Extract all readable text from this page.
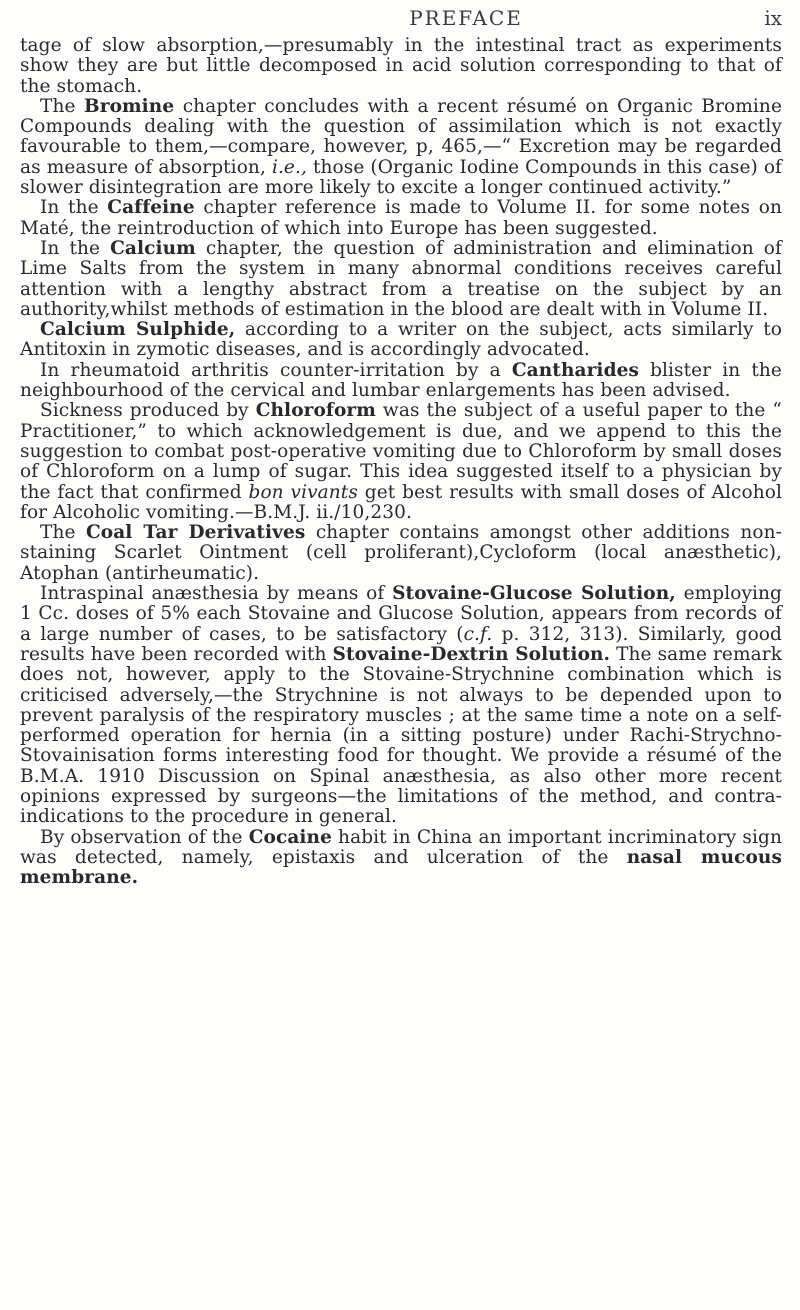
PREFACE	ix

tage of slow absorption,—presumably in the intestinal tract as experiments show they are but little decomposed in acid solution corresponding to that of the stomach.

The Bromine chapter concludes with a recent résumé on Organic Bromine Compounds dealing with the question of assimilation which is not exactly favourable to them,—compare, however, p, 465,—“ Excretion may be regarded as measure of absorption, i.e., those (Organic Iodine Compounds in this case) of slower disintegration are more likely to excite a longer continued activity.”

In the Caffeine chapter reference is made to Volume II. for some notes on Maté, the reintroduction of which into Europe has been suggested.

In the Calcium chapter, the question of administration and elimination of Lime Salts from the system in many abnormal conditions receives careful attention with a lengthy abstract from a treatise on the subject by an authority,whilst methods of estimation in the blood are dealt with in Volume II.

Calcium Sulphide, according to a writer on the subject, acts similarly to Antitoxin in zymotic diseases, and is accordingly advocated.

In rheumatoid arthritis counter-irritation by a Cantharides blister in the neighbourhood of the cervical and lumbar enlargements has been advised.

Sickness produced by Chloroform was the subject of a useful paper to the “ Practitioner,” to which acknowledgement is due, and we append to this the suggestion to combat post-operative vomiting due to Chloroform by small doses of Chloroform on a lump of sugar. This idea suggested itself to a physician by the fact that confirmed bon vivants get best results with small doses of Alcohol for Alcoholic vomiting.—B.M.J. ii./10,230.

The Coal Tar Derivatives chapter contains amongst other additions non-staining Scarlet Ointment (cell proliferant),Cycloform (local anæsthetic), Atophan (antirheumatic).

Intraspinal anæsthesia by means of Stovaine-Glucose Solution, employing 1 Cc. doses of 5% each Stovaine and Glucose Solution, appears from records of a large number of cases, to be satisfactory (c.f. p. 312, 313). Similarly, good results have been recorded with Stovaine-Dextrin Solution. The same remark does not, however, apply to the Stovaine-Strychnine combination which is criticised adversely,—the Strychnine is not always to be depended upon to prevent paralysis of the respiratory muscles ; at the same time a note on a self-performed operation for hernia (in a sitting posture) under Rachi-Strychno-Stovainisation forms interesting food for thought. We provide a résumé of the B.M.A. 1910 Discussion on Spinal anæsthesia, as also other more recent opinions expressed by surgeons—the limitations of the method, and contra-indications to the procedure in general.

By observation of the Cocaine habit in China an important incriminatory sign was detected, namely, epistaxis and ulceration of the nasal mucous membrane.
